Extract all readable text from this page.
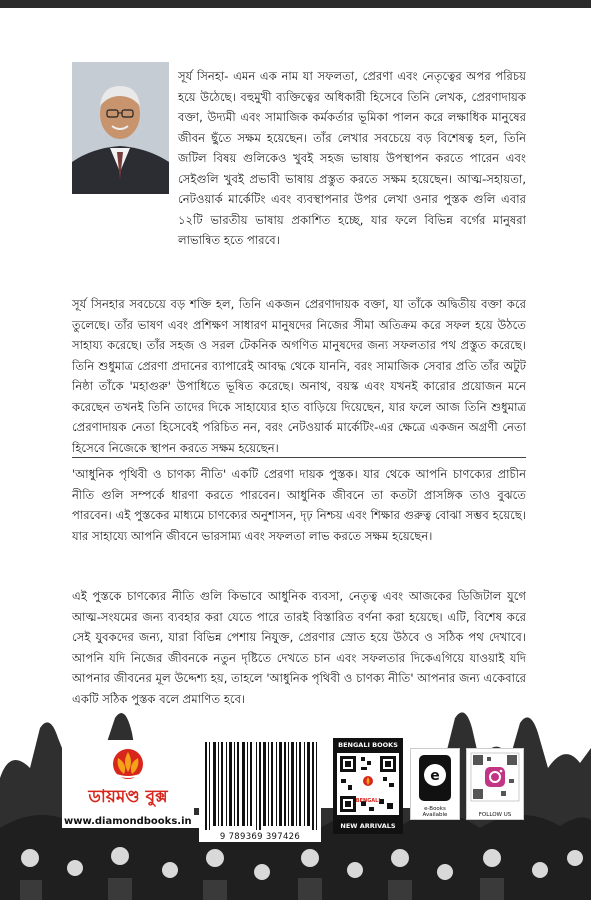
সূর্য সিনহা- এমন এক নাম যা সফলতা, প্রেরণা এবং নেতৃত্বের অপর পরিচয় হয়ে উঠেছে। বহুমুখী ব্যক্তিত্বের অধিকারী হিসেবে তিনি লেখক, প্রেরণাদায়ক বক্তা, উদ্যমী এবং সামাজিক কর্মকর্তার ভূমিকা পালন করে লক্ষাধিক মানুষের জীবন ছুঁতে সক্ষম হয়েছেন। তাঁর লেখার সবচেয়ে বড় বিশেষত্ব হল, তিনি জটিল বিষয় গুলিকেও খুবই সহজ ভাষায় উপস্থাপন করতে পারেন এবং সেইগুলি খুবই প্রভাবী ভাষায় প্রস্তুত করতে সক্ষম হয়েছেন। আত্ম-সহায়তা, নেটওয়ার্ক মার্কেটিং এবং ব্যবস্থাপনার উপর লেখা ওনার পুস্তক গুলি এবার ১২টি ভারতীয় ভাষায় প্রকাশিত হচ্ছে, যার ফলে বিভিন্ন বর্গের মানুষরা লাভান্বিত হতে পারবে।

সূর্য সিনহার সবচেয়ে বড় শক্তি হল, তিনি একজন প্রেরণাদায়ক বক্তা, যা তাঁকে অদ্বিতীয় বক্তা করে তুলেছে। তাঁর ভাষণ এবং প্রশিক্ষণ সাধারণ মানুষদের নিজের সীমা অতিক্রম করে সফল হয়ে উঠতে সাহায্য করেছে। তাঁর সহজ ও সরল টেকনিক অগণিত মানুষদের জন্য সফলতার পথ প্রস্তুত করেছে। তিনি শুধুমাত্র প্রেরণা প্রদানের ব্যাপারেই আবদ্ধ থেকে যাননি, বরং সামাজিক সেবার প্রতি তাঁর অটুট নিষ্ঠা তাঁকে 'মহাগুরু' উপাধিতে ভূষিত করেছে। অনাথ, বয়স্ক এবং যখনই কারোর প্রয়োজন মনে করেছেন তখনই তিনি তাদের দিকে সাহায্যের হাত বাড়িয়ে দিয়েছেন, যার ফলে আজ তিনি শুধুমাত্র প্রেরণাদায়ক নেতা হিসেবেই পরিচিত নন, বরং নেটওয়ার্ক মার্কেটিং-এর ক্ষেত্রে একজন অগ্রণী নেতা হিসেবে নিজেকে স্থাপন করতে সক্ষম হয়েছেন।

'আধুনিক পৃথিবী ও চাণক্য নীতি' একটি প্রেরণা দায়ক পুস্তক। যার থেকে আপনি চাণক্যের প্রাচীন নীতি গুলি সম্পর্কে ধারণা করতে পারবেন। আধুনিক জীবনে তা কতটা প্রাসঙ্গিক তাও বুঝতে পারবেন। এই পুস্তকের মাধ্যমে চাণক্যের অনুশাসন, দৃঢ় নিশ্চয় এবং শিক্ষার গুরুত্ব বোঝা সম্ভব হয়েছে। যার সাহায্যে আপনি জীবনে ভারসাম্য এবং সফলতা লাভ করতে সক্ষম হয়েছেন।

এই পুস্তকে চাণক্যের নীতি গুলি কিভাবে আধুনিক ব্যবসা, নেতৃত্ব এবং আজকের ডিজিটাল যুগে আত্ম-সংযমের জন্য ব্যবহার করা যেতে পারে তারই বিস্তারিত বর্ণনা করা হয়েছে। এটি, বিশেষ করে সেই যুবকদের জন্য, যারা বিভিন্ন পেশায় নিযুক্ত, প্রেরণার স্রোত হয়ে উঠবে ও সঠিক পথ দেখাবে। আপনি যদি নিজের জীবনকে নতুন দৃষ্টিতে দেখতে চান এবং সফলতার দিকেএগিয়ে যাওয়াই যদি আপনার জীবনের মূল উদ্দেশ্য হয়, তাহলে 'আধুনিক পৃথিবী ও চাণক্য নীতি' আপনার জন্য একেবারে একটি সঠিক পুস্তক বলে প্রমাণিত হবে।

ডায়মণ্ড বুক্স
www.diamondbooks.in
9 789369 397426
BENGALI BOOKS
BENGALI
NEW ARRIVALS
e
e-Books Available	FOLLOW US
